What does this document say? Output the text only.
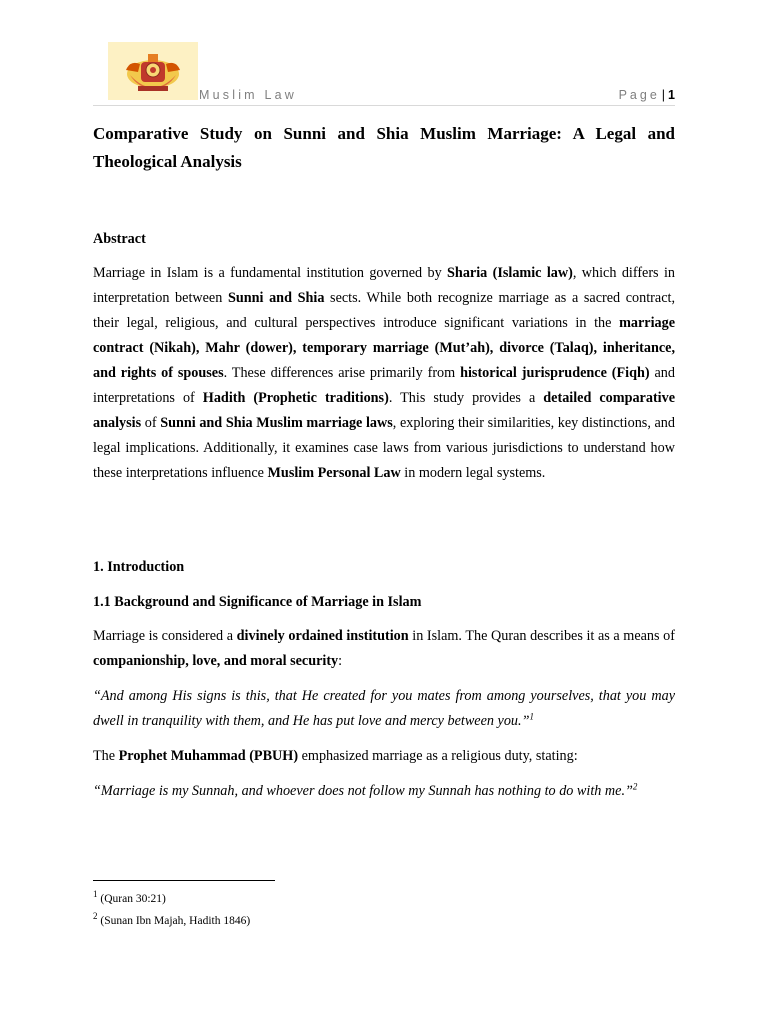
Muslim Law	Page | 1
Comparative Study on Sunni and Shia Muslim Marriage: A Legal and Theological Analysis
Abstract
Marriage in Islam is a fundamental institution governed by Sharia (Islamic law), which differs in interpretation between Sunni and Shia sects. While both recognize marriage as a sacred contract, their legal, religious, and cultural perspectives introduce significant variations in the marriage contract (Nikah), Mahr (dower), temporary marriage (Mut’ah), divorce (Talaq), inheritance, and rights of spouses. These differences arise primarily from historical jurisprudence (Fiqh) and interpretations of Hadith (Prophetic traditions). This study provides a detailed comparative analysis of Sunni and Shia Muslim marriage laws, exploring their similarities, key distinctions, and legal implications. Additionally, it examines case laws from various jurisdictions to understand how these interpretations influence Muslim Personal Law in modern legal systems.
1. Introduction
1.1 Background and Significance of Marriage in Islam
Marriage is considered a divinely ordained institution in Islam. The Quran describes it as a means of companionship, love, and moral security:
“And among His signs is this, that He created for you mates from among yourselves, that you may dwell in tranquility with them, and He has put love and mercy between you.”$^1$
The Prophet Muhammad (PBUH) emphasized marriage as a religious duty, stating:
“Marriage is my Sunnah, and whoever does not follow my Sunnah has nothing to do with me.”$^2$
$^1$ (Quran 30:21)
$^2$ (Sunan Ibn Majah, Hadith 1846)
